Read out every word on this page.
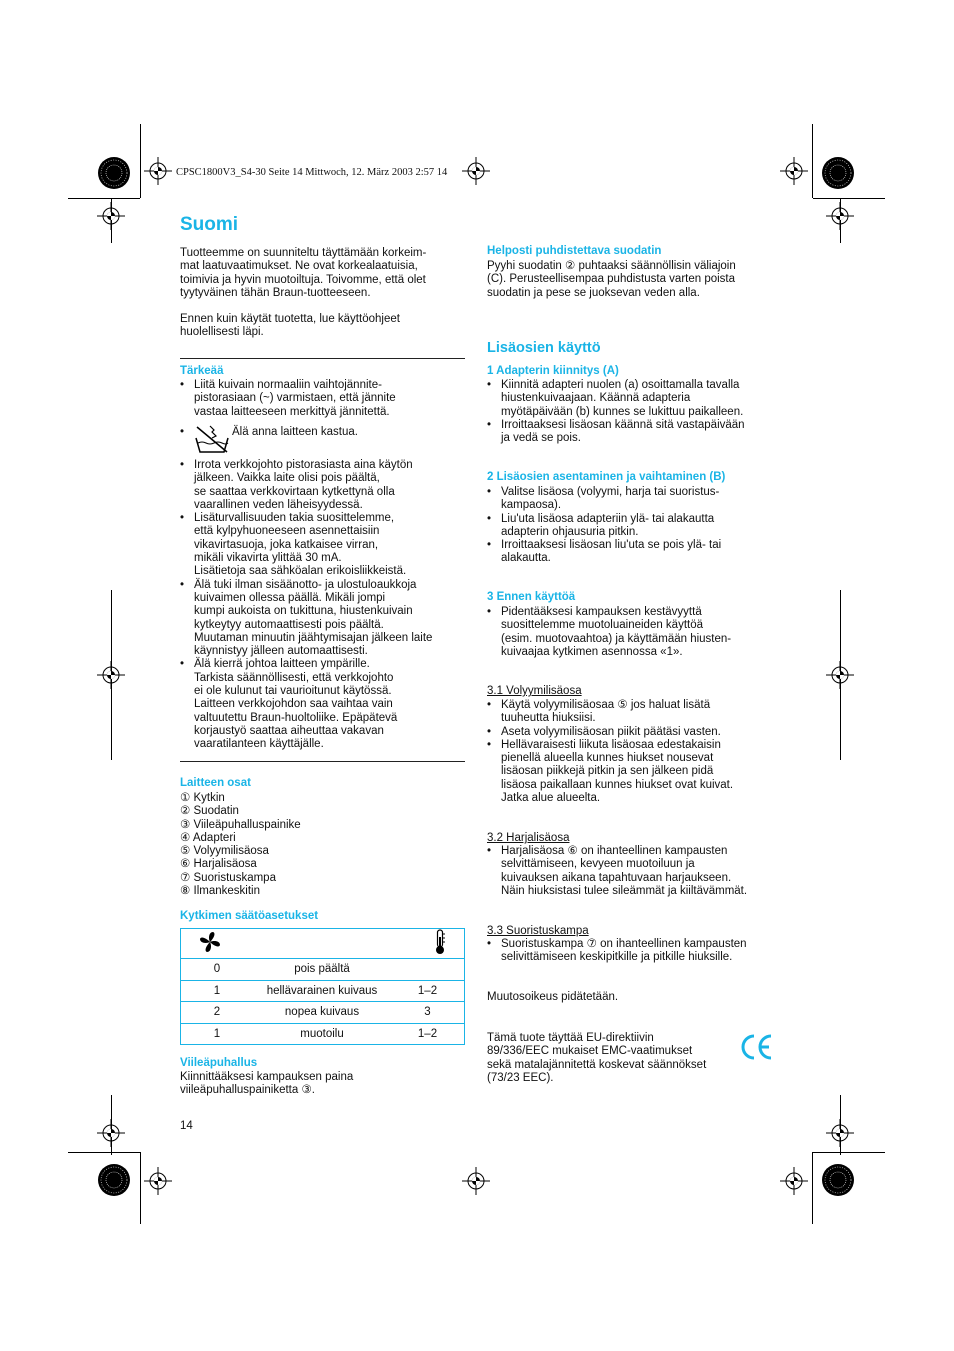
CPSC1800V3_S4-30 Seite 14 Mittwoch, 12. März 2003 2:57 14
Suomi
Tuotteemme on suunniteltu täyttämään korkeim-
mat laatuvaatimukset. Ne ovat korkealaatuisia,
toimivia ja hyvin muotoiltuja. Toivomme, että olet
tyytyväinen tähän Braun-tuotteeseen.
Ennen kuin käytät tuotetta, lue käyttöohjeet
huolellisesti läpi.
Tärkeää
• Liitä kuivain normaaliin vaihtojännite-
pistorasiaan (~) varmistaen, että jännite
vastaa laitteeseen merkittyä jännitettä.
• Älä anna laitteen kastua.
• Irrota verkkojohto pistorasiasta aina käytön
jälkeen. Vaikka laite olisi pois päältä,
se saattaa verkkovirtaan kytkettynä olla
vaarallinen veden läheisyydessä.
• Lisäturvallisuuden takia suosittelemme,
että kylpyhuoneeseen asennettaisiin
vikavirtasuoja, joka katkaisee virran,
mikäli vikavirta ylittää 30 mA.
Lisätietoja saa sähköalan erikoisliikkeistä.
• Älä tuki ilman sisäänotto- ja ulostuloaukkoja
kuivaimen ollessa päällä. Mikäli jompi
kumpi aukoista on tukittuna, hiustenkuivain
kytkeytyy automaattisesti pois päältä.
Muutaman minuutin jäähtymisajan jälkeen laite
käynnistyy jälleen automaattisesti.
• Älä kierrä johtoa laitteen ympärille.
Tarkista säännöllisesti, että verkkojohto
ei ole kulunut tai vaurioitunut käytössä.
Laitteen verkkojohdon saa vaihtaa vain
valtuutettu Braun-huoltoliike. Epäpätevä
korjaustyö saattaa aiheuttaa vakavan
vaaratilanteen käyttäjälle.
Laitteen osat

① Kytkin

② Suodatin

③ Viileäpuhalluspainike

④ Adapteri

⑤ Volyymilisäosa

⑥ Harjalisäosa

⑦ Suoristuskampa

⑧ Ilmankeskitin

Kytkimen säätöasetukset

0	pois päältä	
1	hellävarainen kuivaus	1–2
2	nopea kuivaus	3
1	muotoilu	1–2
Viileäpuhallus
Kiinnittääksesi kampauksen paina
viileäpuhalluspainiketta ③.
14
Helposti puhdistettava suodatin
Pyyhi suodatin ② puhtaaksi säännöllisin väliajoin
(C). Perusteellisempaa puhdistusta varten poista
suodatin ja pese se juoksevan veden alla.
Lisäosien käyttö
1 Adapterin kiinnitys (A)
• Kiinnitä adapteri nuolen (a) osoittamalla tavalla
hiustenkuivaajaan. Käännä adapteria
myötäpäivään (b) kunnes se lukittuu paikalleen.
• Irroittaaksesi lisäosan käännä sitä vastapäivään
ja vedä se pois.
2 Lisäosien asentaminen ja vaihtaminen (B)
• Valitse lisäosa (volyymi, harja tai suoristus-
kampaosa).
• Liu'uta lisäosa adapteriin ylä- tai alakautta
adapterin ohjausuria pitkin.
• Irroittaaksesi lisäosan liu'uta se pois ylä- tai
alakautta.
3 Ennen käyttöä
• Pidentääksesi kampauksen kestävyyttä
suosittelemme muotoluaineiden käyttöä
(esim. muotovaahtoa) ja käyttämään hiusten-
kuivaajaa kytkimen asennossa «1».
3.1 Volyymilisäosa
• Käytä volyymilisäosaa ⑤ jos haluat lisätä
tuuheutta hiuksiisi.
• Aseta volyymilisäosan piikit päätäsi vasten.
• Hellävaraisesti liikuta lisäosaa edestakaisin
pienellä alueella kunnes hiukset nousevat
lisäosan piikkejä pitkin ja sen jälkeen pidä
lisäosa paikallaan kunnes hiukset ovat kuivat.
Jatka alue alueelta.
3.2 Harjalisäosa
• Harjalisäosa ⑥ on ihanteellinen kampausten
selvittämiseen, kevyeen muotoiluun ja
kuivauksen aikana tapahtuvaan harjaukseen.
Näin hiuksistasi tulee sileämmät ja kiiltävämmät.
3.3 Suoristuskampa
• Suoristuskampa ⑦ on ihanteellinen kampausten
selivittämiseen keskipitkille ja pitkille hiuksille.
Muutosoikeus pidätetään.
Tämä tuote täyttää EU-direktiivin
89/336/EEC mukaiset EMC-vaatimukset
sekä matalajännitettä koskevat säännökset
(73/23 EEC).
